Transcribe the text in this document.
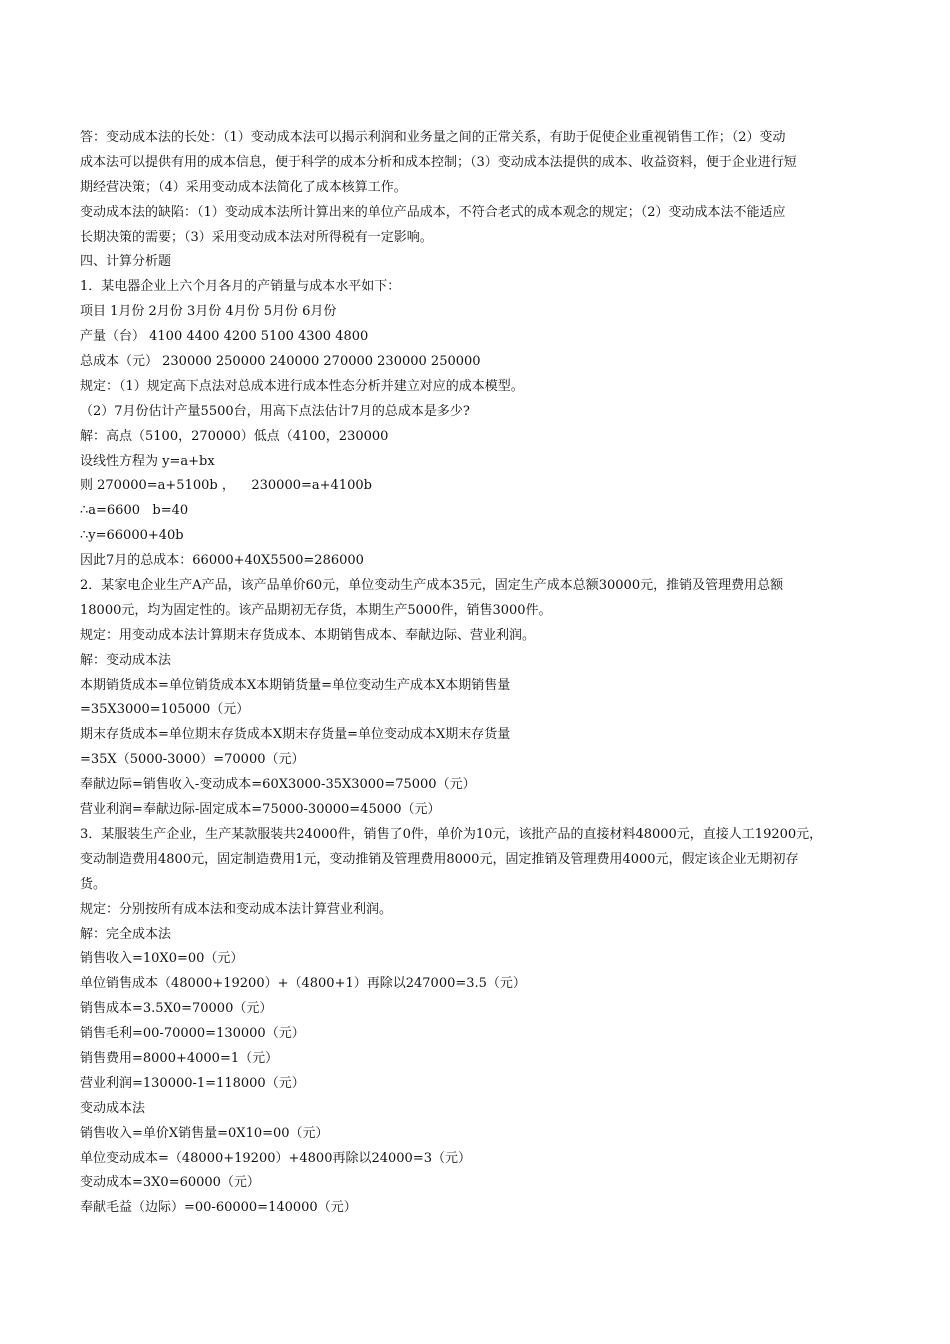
答：变动成本法的长处：（1）变动成本法可以揭示利润和业务量之间的正常关系，有助于促使企业重视销售工作；（2）变动
成本法可以提供有用的成本信息，便于科学的成本分析和成本控制；（3）变动成本法提供的成本、收益资料，便于企业进行短
期经营决策；（4）采用变动成本法简化了成本核算工作。
变动成本法的缺陷：（1）变动成本法所计算出来的单位产品成本，不符合老式的成本观念的规定；（2）变动成本法不能适应
长期决策的需要；（3）采用变动成本法对所得税有一定影响。
四、计算分析题
1．某电器企业上六个月各月的产销量与成本水平如下：
项目 1月份 2月份 3月份 4月份 5月份 6月份
产量（台） 4100 4400 4200 5100 4300 4800
总成本（元） 230000 250000 240000 270000 230000 250000
规定：（1）规定高下点法对总成本进行成本性态分析并建立对应的成本模型。
（2）7月份估计产量5500台，用高下点法估计7月的总成本是多少?
解：高点（5100，270000）低点（4100，230000
设线性方程为 y=a+bx
则 270000=a+5100b ，    230000=a+4100b
∴a=6600   b=40
∴y=66000+40b
因此7月的总成本：66000+40X5500=286000
2．某家电企业生产A产品，该产品单价60元，单位变动生产成本35元，固定生产成本总额30000元，推销及管理费用总额
18000元，均为固定性的。该产品期初无存货，本期生产5000件，销售3000件。
规定：用变动成本法计算期末存货成本、本期销售成本、奉献边际、营业利润。
解：变动成本法
本期销货成本=单位销货成本X本期销货量=单位变动生产成本X本期销售量
=35X3000=105000（元）
期末存货成本=单位期末存货成本X期末存货量=单位变动成本X期末存货量
=35X（5000-3000）=70000（元）
奉献边际=销售收入-变动成本=60X3000-35X3000=75000（元）
营业利润=奉献边际-固定成本=75000-30000=45000（元）
3．某服装生产企业，生产某款服装共24000件，销售了0件，单价为10元，该批产品的直接材料48000元，直接人工19200元，
变动制造费用4800元，固定制造费用1元，变动推销及管理费用8000元，固定推销及管理费用4000元，假定该企业无期初存
货。
规定：分别按所有成本法和变动成本法计算营业利润。
解：完全成本法
销售收入=10X0=00（元）
单位销售成本（48000+19200）+（4800+1）再除以247000=3.5（元）
销售成本=3.5X0=70000（元）
销售毛利=00-70000=130000（元）
销售费用=8000+4000=1（元）
营业利润=130000-1=118000（元）
变动成本法
销售收入=单价X销售量=0X10=00（元）
单位变动成本=（48000+19200）+4800再除以24000=3（元）
变动成本=3X0=60000（元）
奉献毛益（边际）=00-60000=140000（元）
